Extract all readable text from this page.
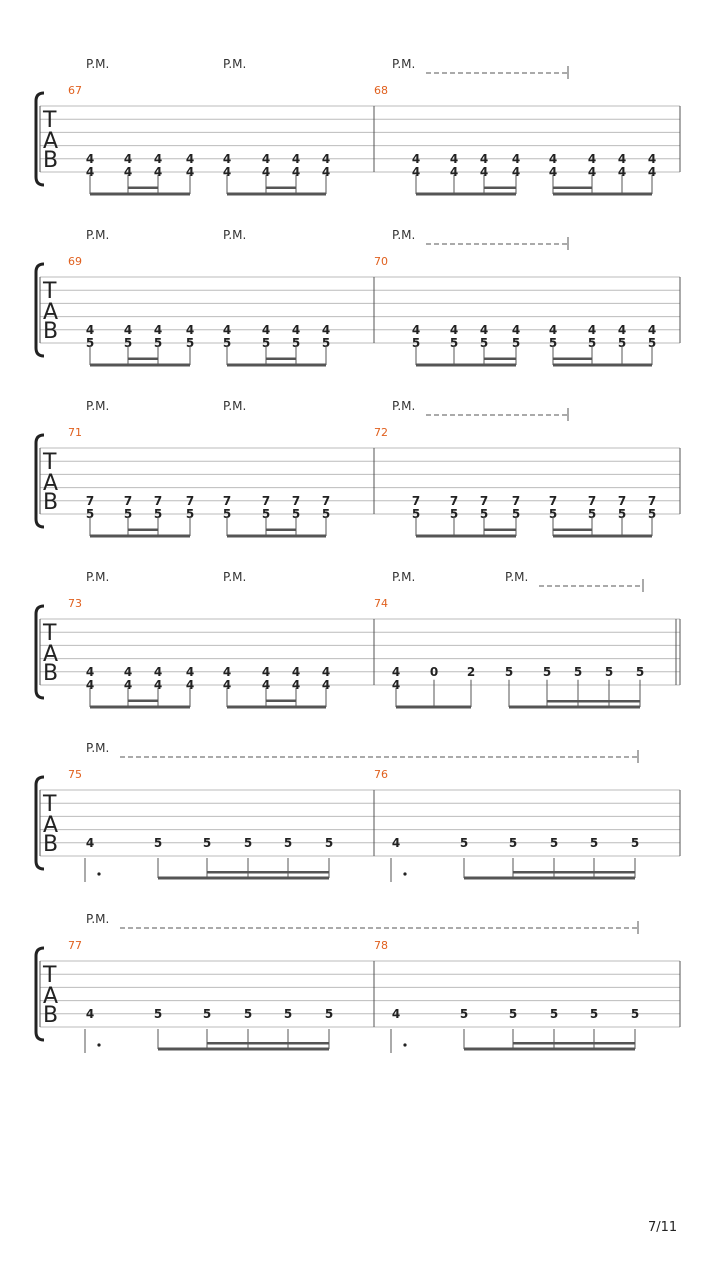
T
A
B
67
P.M.	P.M.
4
4
4
4
4
4
4
4
4
4
4
4
4
4
4
4
68
P.M.
4
4
4
4
4
4
4
4
4
4
4
4
4
4
4
4
T
A
B
69
P.M.	P.M.
4
5
4
5
4
5
4
5
4
5
4
5
4
5
4
5
70
P.M.
4
5
4
5
4
5
4
5
4
5
4
5
4
5
4
5
T
A
B
71
P.M.	P.M.
7
5
7
5
7
5
7
5
7
5
7
5
7
5
7
5
72
P.M.
7
5
7
5
7
5
7
5
7
5
7
5
7
5
7
5
T
A
B
73
P.M.	P.M.
4
4
4
4
4
4
4
4
4
4
4
4
4
4
4
4
74
P.M.	P.M.
4
4
0 2 5 5 5 5 5
T
A
B
P.M.
75
4	5	5	5	5	5
76
4	5	5	5	5	5
T
A
B
P.M.
77
4	5	5	5	5	5
78
4	5	5	5	5	5
7/11
